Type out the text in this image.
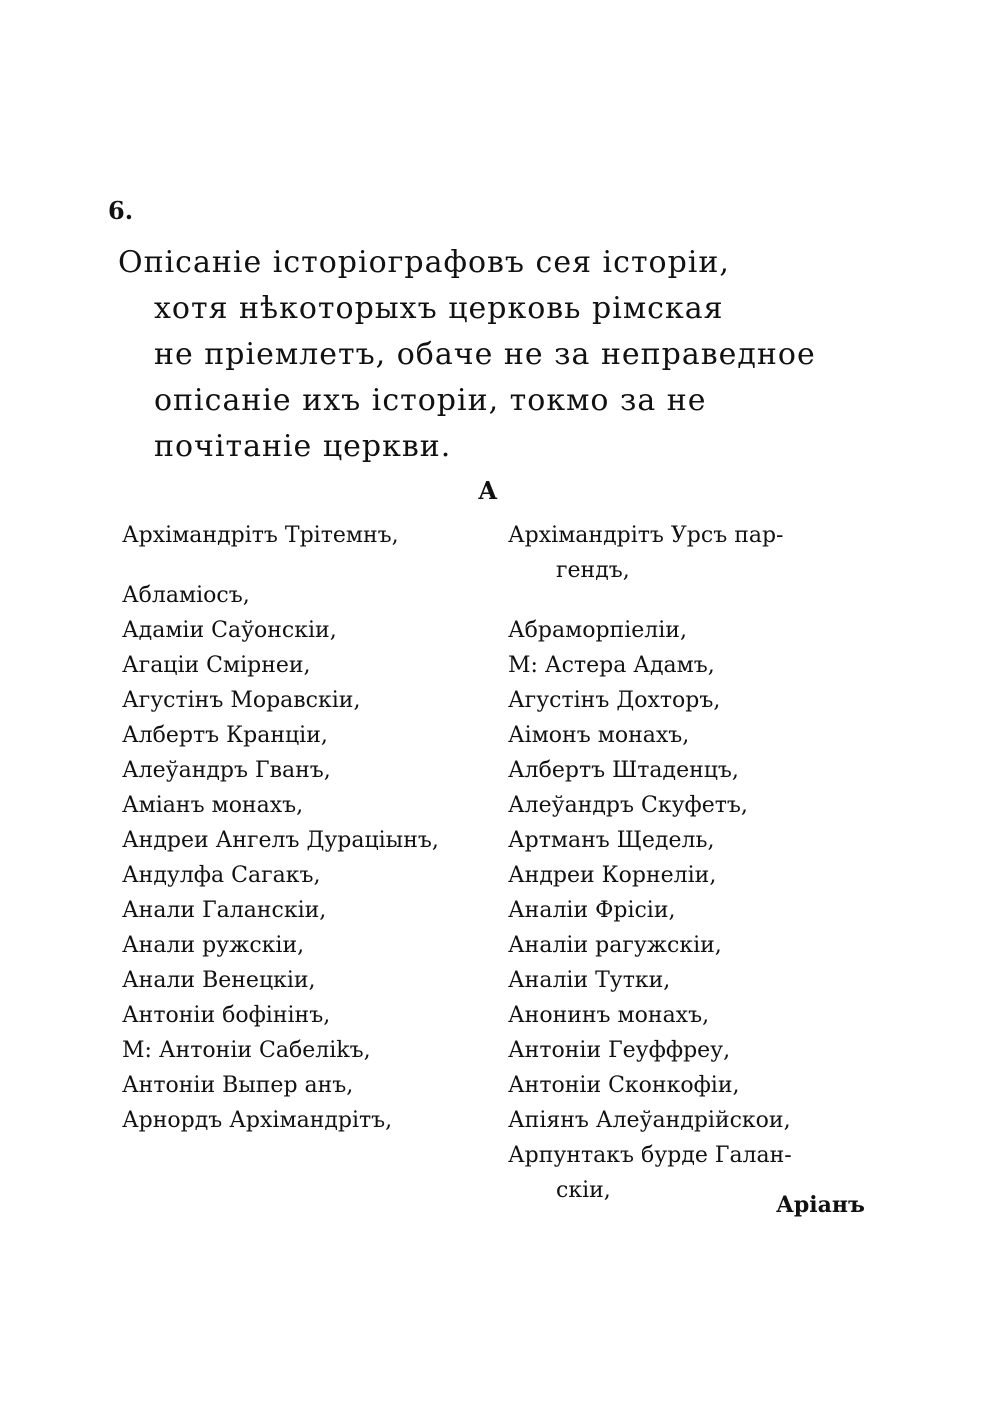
6.
Опісаніе історіографовъ сея історіи,
хотя нѣкоторыхъ церковь рімская
не пріемлетъ, обаче не за неправедное
опісаніе ихъ історіи, токмо за не
почітаніе церкви.
А
Архімандрітъ Трітемнъ,
Абламіосъ,
Адаміи Саўонскіи,
Агаціи Смірнеи,
Агустінъ Моравскіи,
Албертъ Кранціи,
Алеўандръ Гванъ,
Аміанъ монахъ,
Андреи Ангелъ Дураціынъ,
Андулфа Сагакъ,
Анали Галанскіи,
Анали ружскіи,
Анали Венецкіи,
Антоніи бофінінъ,
М: Антоніи Сабеліkъ,
Антоніи Выпер анъ,
Арнордъ Архімандрітъ,
Архімандрітъ Урсъ пар-
гендъ,
Абраморпіеліи,
М: Астера Адамъ,
Агустінъ Дохторъ,
Аімонъ монахъ,
Албертъ Штаденцъ,
Алеўандръ Скуфетъ,
Артманъ Щедель,
Андреи Корнеліи,
Аналіи Фрісіи,
Аналіи рагужскіи,
Аналіи Тутки,
Анонинъ монахъ,
Антоніи Геуффреу,
Антоніи Сконкофіи,
Апіянъ Алеўандрійскои,
Арпунтакъ бурде Галан-
скіи,
Аріанъ
